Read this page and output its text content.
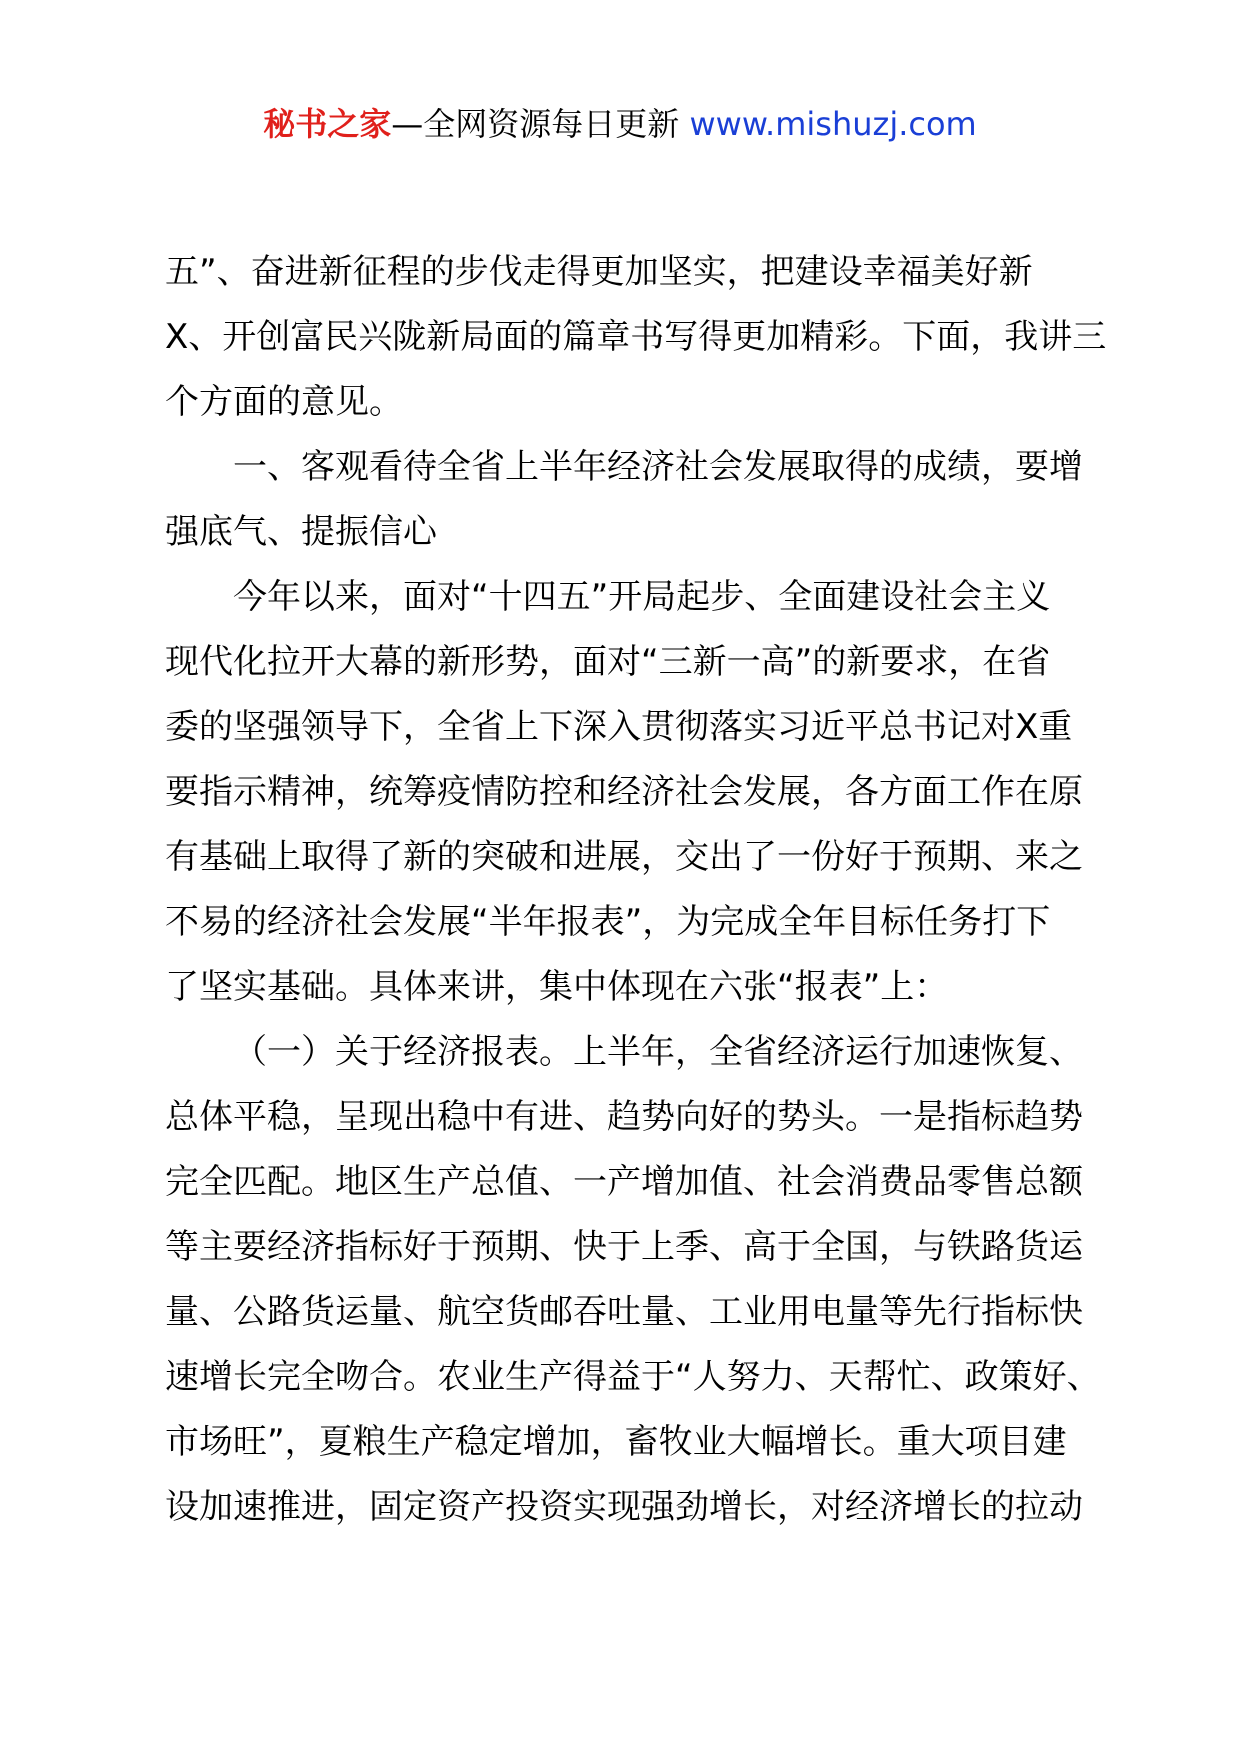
秘书之家—全网资源每日更新 www.mishuzj.com
五”、奋进新征程的步伐走得更加坚实，把建设幸福美好新
X、开创富民兴陇新局面的篇章书写得更加精彩。下面，我讲三
个方面的意见。
一、客观看待全省上半年经济社会发展取得的成绩，要增
强底气、提振信心
今年以来，面对“十四五”开局起步、全面建设社会主义
现代化拉开大幕的新形势，面对“三新一高”的新要求，在省
委的坚强领导下，全省上下深入贯彻落实习近平总书记对X重
要指示精神，统筹疫情防控和经济社会发展，各方面工作在原
有基础上取得了新的突破和进展，交出了一份好于预期、来之
不易的经济社会发展“半年报表”，为完成全年目标任务打下
了坚实基础。具体来讲，集中体现在六张“报表”上：
（一）关于经济报表。上半年，全省经济运行加速恢复、
总体平稳，呈现出稳中有进、趋势向好的势头。一是指标趋势
完全匹配。地区生产总值、一产增加值、社会消费品零售总额
等主要经济指标好于预期、快于上季、高于全国，与铁路货运
量、公路货运量、航空货邮吞吐量、工业用电量等先行指标快
速增长完全吻合。农业生产得益于“人努力、天帮忙、政策好、
市场旺”，夏粮生产稳定增加，畜牧业大幅增长。重大项目建
设加速推进，固定资产投资实现强劲增长，对经济增长的拉动
